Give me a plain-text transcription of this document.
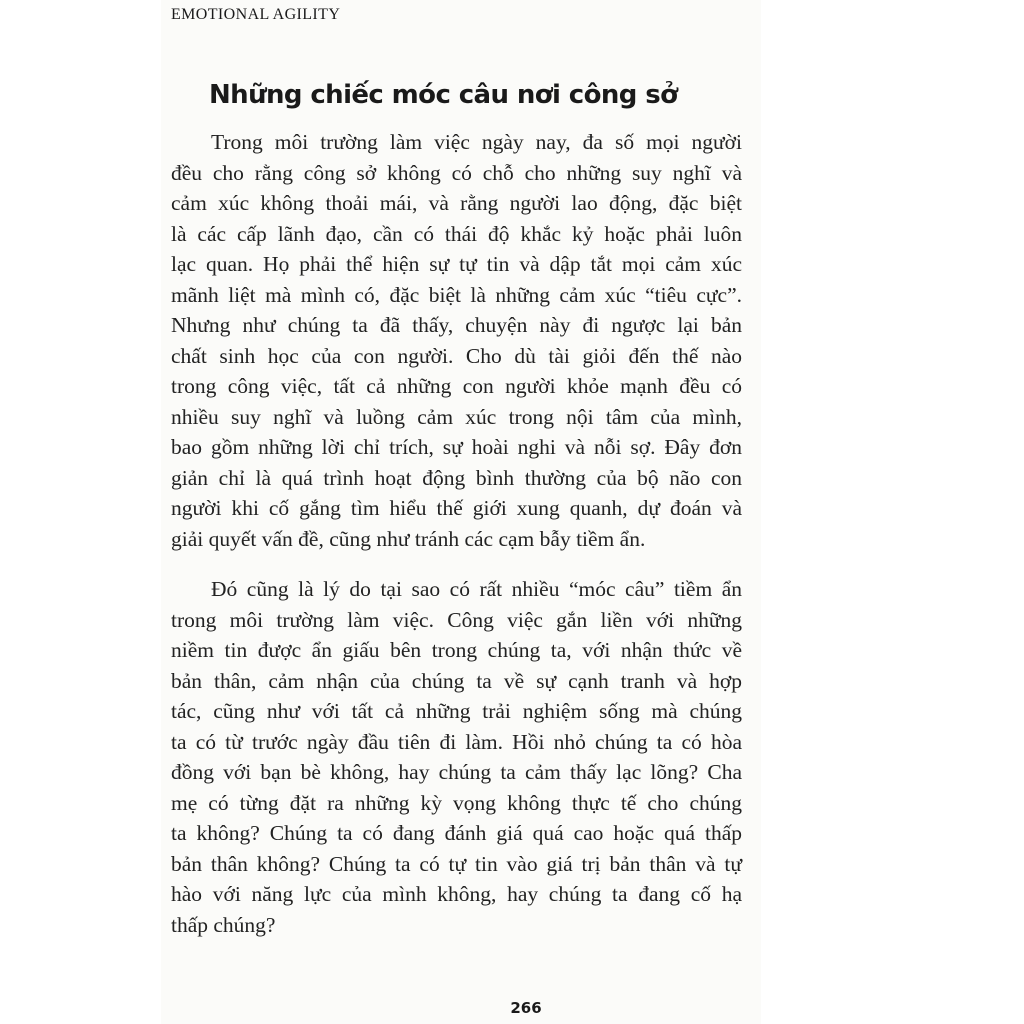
EMOTIONAL AGILITY

Những chiếc móc câu nơi công sở
Trong môi trường làm việc ngày nay, đa số mọi người
đều cho rằng công sở không có chỗ cho những suy nghĩ và
cảm xúc không thoải mái, và rằng người lao động, đặc biệt
là các cấp lãnh đạo, cần có thái độ khắc kỷ hoặc phải luôn
lạc quan. Họ phải thể hiện sự tự tin và dập tắt mọi cảm xúc
mãnh liệt mà mình có, đặc biệt là những cảm xúc “tiêu cực”.
Nhưng như chúng ta đã thấy, chuyện này đi ngược lại bản
chất sinh học của con người. Cho dù tài giỏi đến thế nào
trong công việc, tất cả những con người khỏe mạnh đều có
nhiều suy nghĩ và luồng cảm xúc trong nội tâm của mình,
bao gồm những lời chỉ trích, sự hoài nghi và nỗi sợ. Đây đơn
giản chỉ là quá trình hoạt động bình thường của bộ não con
người khi cố gắng tìm hiểu thế giới xung quanh, dự đoán và
giải quyết vấn đề, cũng như tránh các cạm bẫy tiềm ẩn.
Đó cũng là lý do tại sao có rất nhiều “móc câu” tiềm ẩn
trong môi trường làm việc. Công việc gắn liền với những
niềm tin được ẩn giấu bên trong chúng ta, với nhận thức về
bản thân, cảm nhận của chúng ta về sự cạnh tranh và hợp
tác, cũng như với tất cả những trải nghiệm sống mà chúng
ta có từ trước ngày đầu tiên đi làm. Hồi nhỏ chúng ta có hòa
đồng với bạn bè không, hay chúng ta cảm thấy lạc lõng? Cha
mẹ có từng đặt ra những kỳ vọng không thực tế cho chúng
ta không? Chúng ta có đang đánh giá quá cao hoặc quá thấp
bản thân không? Chúng ta có tự tin vào giá trị bản thân và tự
hào với năng lực của mình không, hay chúng ta đang cố hạ
thấp chúng?

266
